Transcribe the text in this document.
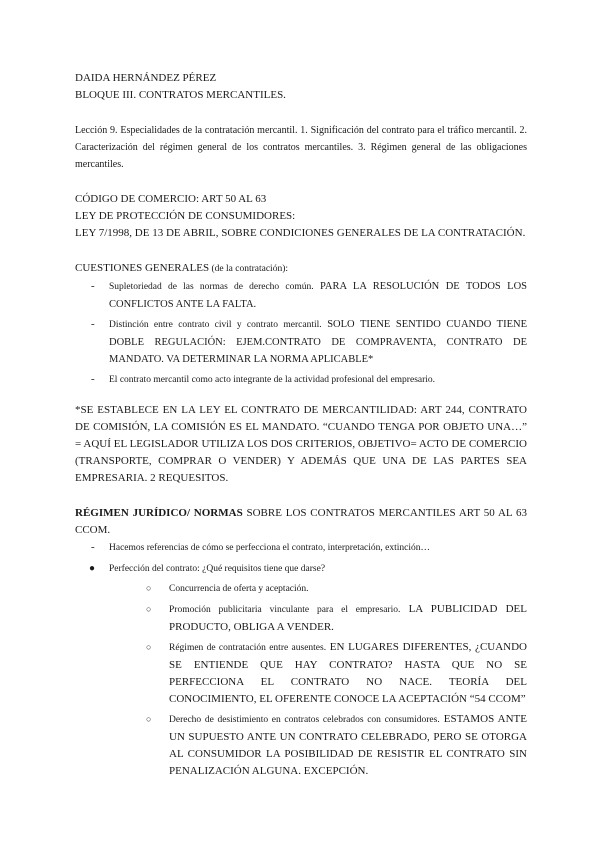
DAIDA HERNÁNDEZ PÉREZ

BLOQUE III. CONTRATOS MERCANTILES.

Lección 9. Especialidades de la contratación mercantil. 1. Significación del contrato para el tráfico mercantil. 2. Caracterización del régimen general de los contratos mercantiles. 3. Régimen general de las obligaciones mercantiles.

CÓDIGO DE COMERCIO: ART 50 AL 63

LEY DE PROTECCIÓN DE CONSUMIDORES:

LEY 7/1998, DE 13 DE ABRIL, SOBRE CONDICIONES GENERALES DE LA CONTRATACIÓN.

CUESTIONES GENERALES (de la contratación):

- Supletoriedad de las normas de derecho común. PARA LA RESOLUCIÓN DE TODOS LOS CONFLICTOS ANTE LA FALTA.
- Distinción entre contrato civil y contrato mercantil. SOLO TIENE SENTIDO CUANDO TIENE DOBLE REGULACIÓN: EJEM.CONTRATO DE COMPRAVENTA, CONTRATO DE MANDATO. VA DETERMINAR LA NORMA APLICABLE*
- El contrato mercantil como acto integrante de la actividad profesional del empresario.

*SE ESTABLECE EN LA LEY EL CONTRATO DE MERCANTILIDAD: ART 244, CONTRATO DE COMISIÓN, LA COMISIÓN ES EL MANDATO. “CUANDO TENGA POR OBJETO UNA…” = AQUÍ EL LEGISLADOR UTILIZA LOS DOS CRITERIOS, OBJETIVO= ACTO DE COMERCIO (TRANSPORTE, COMPRAR O VENDER) Y ADEMÁS QUE UNA DE LAS PARTES SEA EMPRESARIA. 2 REQUESITOS.

RÉGIMEN JURÍDICO/ NORMAS SOBRE LOS CONTRATOS MERCANTILES ART 50 AL 63 CCOM.

- Hacemos referencias de cómo se perfecciona el contrato, interpretación, extinción…
● Perfección del contrato: ¿Qué requisitos tiene que darse?
○ Concurrencia de oferta y aceptación.
○ Promoción publicitaria vinculante para el empresario. LA PUBLICIDAD DEL PRODUCTO, OBLIGA A VENDER.
○ Régimen de contratación entre ausentes. EN LUGARES DIFERENTES, ¿CUANDO SE ENTIENDE QUE HAY CONTRATO? HASTA QUE NO SE PERFECCIONA EL CONTRATO NO NACE. TEORÍA DEL CONOCIMIENTO, EL OFERENTE CONOCE LA ACEPTACIÓN “54 CCOM”
○ Derecho de desistimiento en contratos celebrados con consumidores. ESTAMOS ANTE UN SUPUESTO ANTE UN CONTRATO CELEBRADO, PERO SE OTORGA AL CONSUMIDOR LA POSIBILIDAD DE RESISTIR EL CONTRATO SIN PENALIZACIÓN ALGUNA. EXCEPCIÓN.
